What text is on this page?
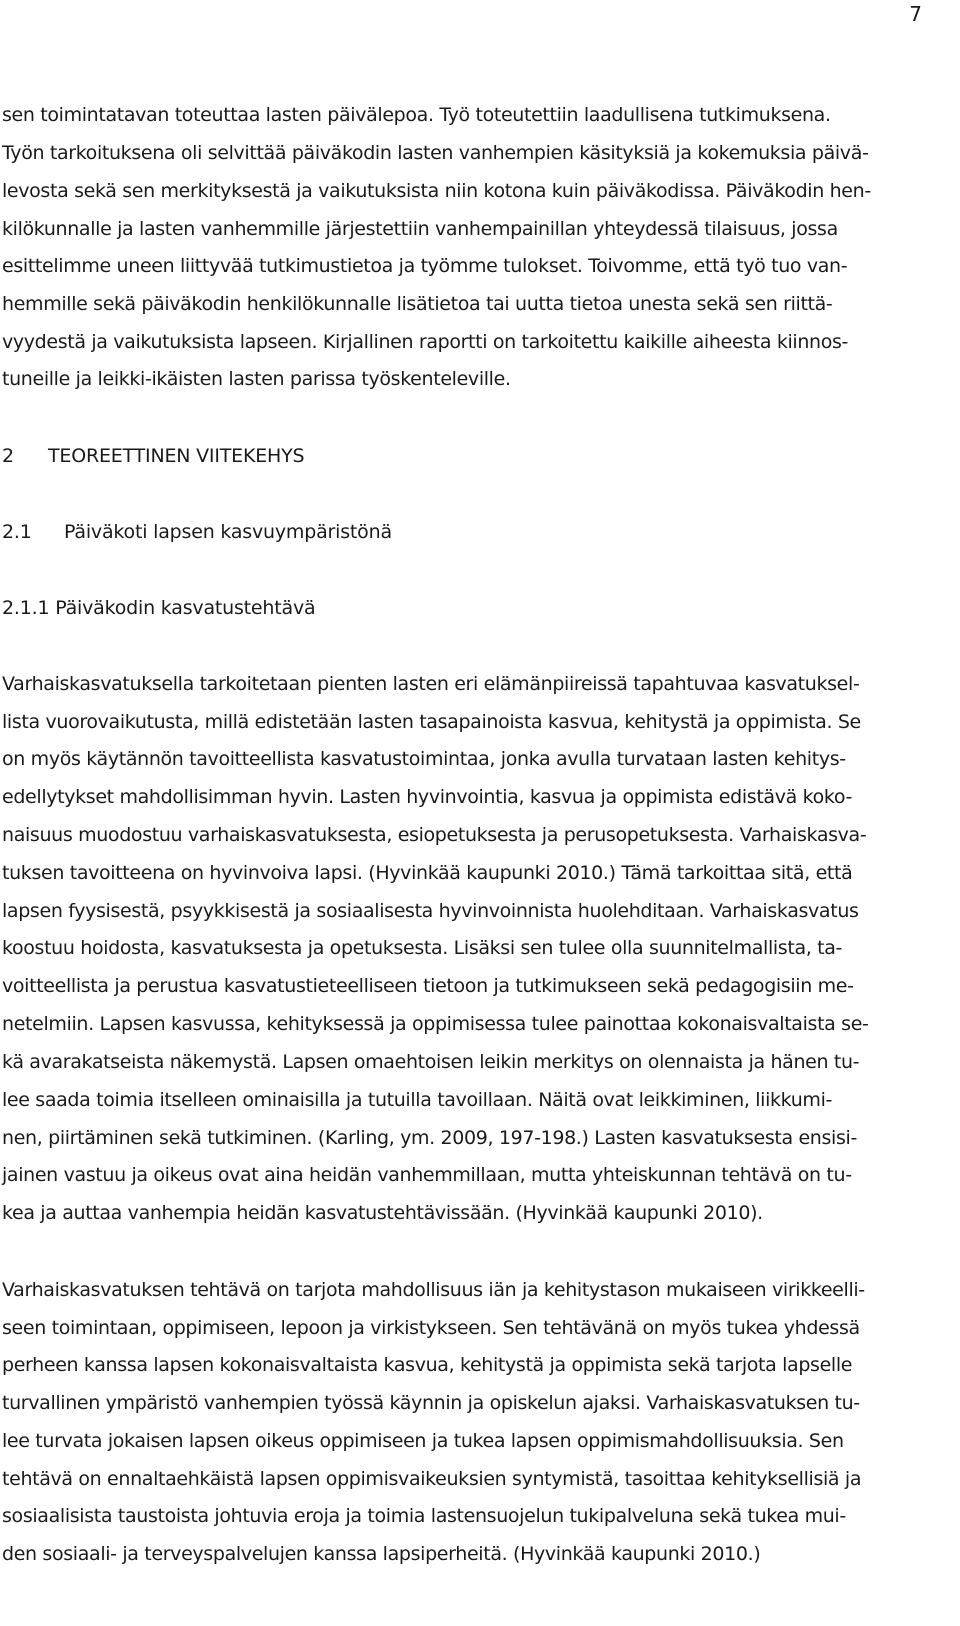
7
sen toimintatavan toteuttaa lasten päivälepoa. Työ toteutettiin laadullisena tutkimuksena.
Työn tarkoituksena oli selvittää päiväkodin lasten vanhempien käsityksiä ja kokemuksia päivä-
levosta sekä sen merkityksestä ja vaikutuksista niin kotona kuin päiväkodissa. Päiväkodin hen-
kilökunnalle ja lasten vanhemmille järjestettiin vanhempainillan yhteydessä tilaisuus, jossa
esittelimme uneen liittyvää tutkimustietoa ja työmme tulokset. Toivomme, että työ tuo van-
hemmille sekä päiväkodin henkilökunnalle lisätietoa tai uutta tietoa unesta sekä sen riittä-
vyydestä ja vaikutuksista lapseen. Kirjallinen raportti on tarkoitettu kaikille aiheesta kiinnos-
tuneille ja leikki-ikäisten lasten parissa työskenteleville.
2 TEOREETTINEN VIITEKEHYS
2.1 Päiväkoti lapsen kasvuympäristönä
2.1.1 Päiväkodin kasvatustehtävä
Varhaiskasvatuksella tarkoitetaan pienten lasten eri elämänpiireissä tapahtuvaa kasvatuksel-
lista vuorovaikutusta, millä edistetään lasten tasapainoista kasvua, kehitystä ja oppimista. Se
on myös käytännön tavoitteellista kasvatustoimintaa, jonka avulla turvataan lasten kehitys-
edellytykset mahdollisimman hyvin. Lasten hyvinvointia, kasvua ja oppimista edistävä koko-
naisuus muodostuu varhaiskasvatuksesta, esiopetuksesta ja perusopetuksesta. Varhaiskasva-
tuksen tavoitteena on hyvinvoiva lapsi. (Hyvinkää kaupunki 2010.) Tämä tarkoittaa sitä, että
lapsen fyysisestä, psyykkisestä ja sosiaalisesta hyvinvoinnista huolehditaan. Varhaiskasvatus
koostuu hoidosta, kasvatuksesta ja opetuksesta. Lisäksi sen tulee olla suunnitelmallista, ta-
voitteellista ja perustua kasvatustieteelliseen tietoon ja tutkimukseen sekä pedagogisiin me-
netelmiin. Lapsen kasvussa, kehityksessä ja oppimisessa tulee painottaa kokonaisvaltaista se-
kä avarakatseista näkemystä. Lapsen omaehtoisen leikin merkitys on olennaista ja hänen tu-
lee saada toimia itselleen ominaisilla ja tutuilla tavoillaan. Näitä ovat leikkiminen, liikkumi-
nen, piirtäminen sekä tutkiminen. (Karling, ym. 2009, 197-198.) Lasten kasvatuksesta ensisi-
jainen vastuu ja oikeus ovat aina heidän vanhemmillaan, mutta yhteiskunnan tehtävä on tu-
kea ja auttaa vanhempia heidän kasvatustehtävissään. (Hyvinkää kaupunki 2010).
Varhaiskasvatuksen tehtävä on tarjota mahdollisuus iän ja kehitystason mukaiseen virikkeelli-
seen toimintaan, oppimiseen, lepoon ja virkistykseen. Sen tehtävänä on myös tukea yhdessä
perheen kanssa lapsen kokonaisvaltaista kasvua, kehitystä ja oppimista sekä tarjota lapselle
turvallinen ympäristö vanhempien työssä käynnin ja opiskelun ajaksi. Varhaiskasvatuksen tu-
lee turvata jokaisen lapsen oikeus oppimiseen ja tukea lapsen oppimismahdollisuuksia. Sen
tehtävä on ennaltaehkäistä lapsen oppimisvaikeuksien syntymistä, tasoittaa kehityksellisiä ja
sosiaalisista taustoista johtuvia eroja ja toimia lastensuojelun tukipalveluna sekä tukea mui-
den sosiaali- ja terveyspalvelujen kanssa lapsiperheitä. (Hyvinkää kaupunki 2010.)
